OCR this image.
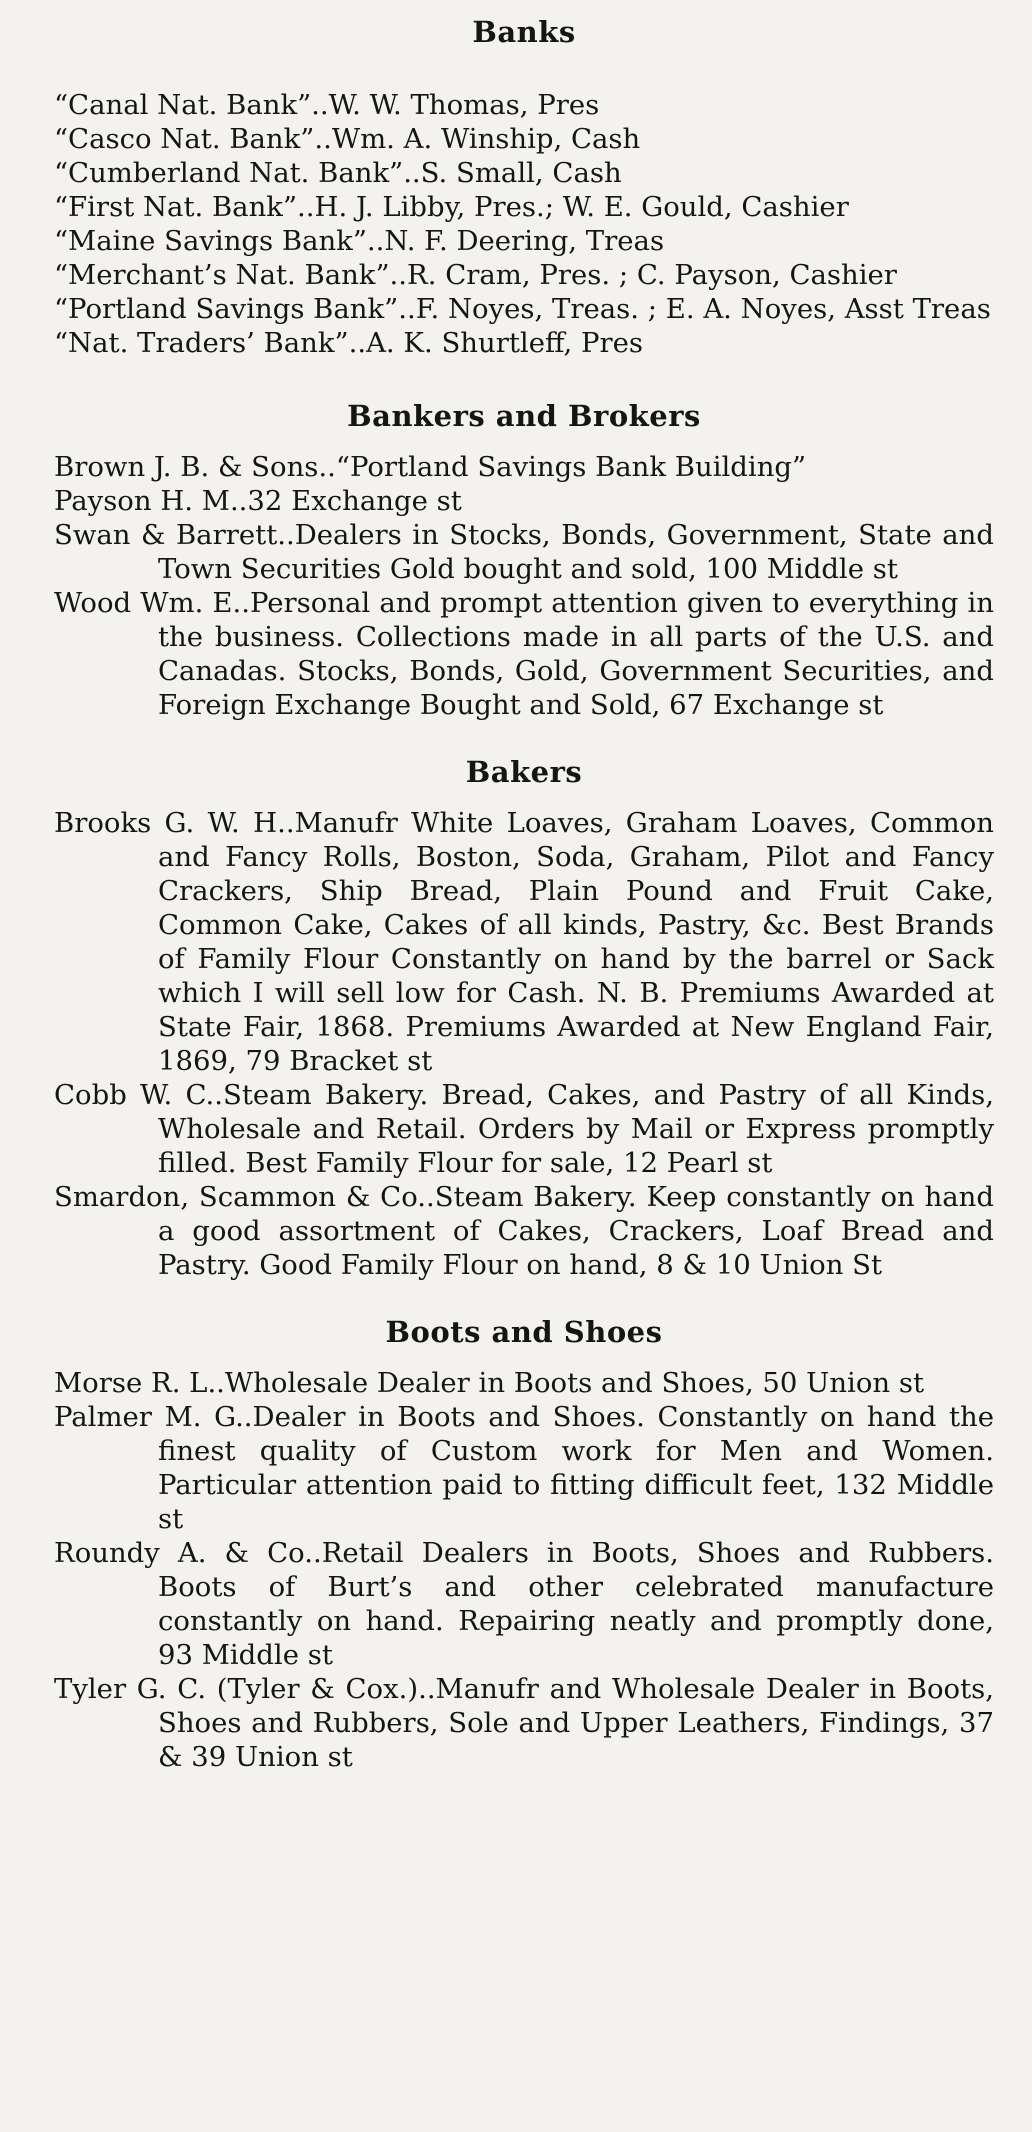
Banks
“Canal Nat. Bank”..W. W. Thomas, Pres
“Casco Nat. Bank”..Wm. A. Winship, Cash
“Cumberland Nat. Bank”..S. Small, Cash
“First Nat. Bank”..H. J. Libby, Pres.; W. E. Gould, Cashier
“Maine Savings Bank”..N. F. Deering, Treas
“Merchant’s Nat. Bank”..R. Cram, Pres. ; C. Payson, Cashier
“Portland Savings Bank”..F. Noyes, Treas. ; E. A. Noyes, Asst Treas
“Nat. Traders’ Bank”..A. K. Shurtleff, Pres
Bankers and Brokers
Brown J. B. & Sons..“Portland Savings Bank Building”
Payson H. M..32 Exchange st
Swan & Barrett..Dealers in Stocks, Bonds, Government, State and Town Securities Gold bought and sold, 100 Middle st
Wood Wm. E..Personal and prompt attention given to everything in the business. Collections made in all parts of the U.S. and Canadas. Stocks, Bonds, Gold, Government Securities, and Foreign Exchange Bought and Sold, 67 Exchange st
Bakers
Brooks G. W. H..Manufr White Loaves, Graham Loaves, Common and Fancy Rolls, Boston, Soda, Graham, Pilot and Fancy Crackers, Ship Bread, Plain Pound and Fruit Cake, Common Cake, Cakes of all kinds, Pastry, &c. Best Brands of Family Flour Constantly on hand by the barrel or Sack which I will sell low for Cash. N. B. Premiums Awarded at State Fair, 1868. Premiums Awarded at New England Fair, 1869, 79 Bracket st
Cobb W. C..Steam Bakery. Bread, Cakes, and Pastry of all Kinds, Wholesale and Retail. Orders by Mail or Express promptly filled. Best Family Flour for sale, 12 Pearl st
Smardon, Scammon & Co..Steam Bakery. Keep constantly on hand a good assortment of Cakes, Crackers, Loaf Bread and Pastry. Good Family Flour on hand, 8 & 10 Union St
Boots and Shoes
Morse R. L..Wholesale Dealer in Boots and Shoes, 50 Union st
Palmer M. G..Dealer in Boots and Shoes. Constantly on hand the finest quality of Custom work for Men and Women. Particular attention paid to fitting difficult feet, 132 Middle st
Roundy A. & Co..Retail Dealers in Boots, Shoes and Rubbers. Boots of Burt’s and other celebrated manufacture constantly on hand. Repairing neatly and promptly done, 93 Middle st
Tyler G. C. (Tyler & Cox.)..Manufr and Wholesale Dealer in Boots, Shoes and Rubbers, Sole and Upper Leathers, Findings, 37 & 39 Union st
